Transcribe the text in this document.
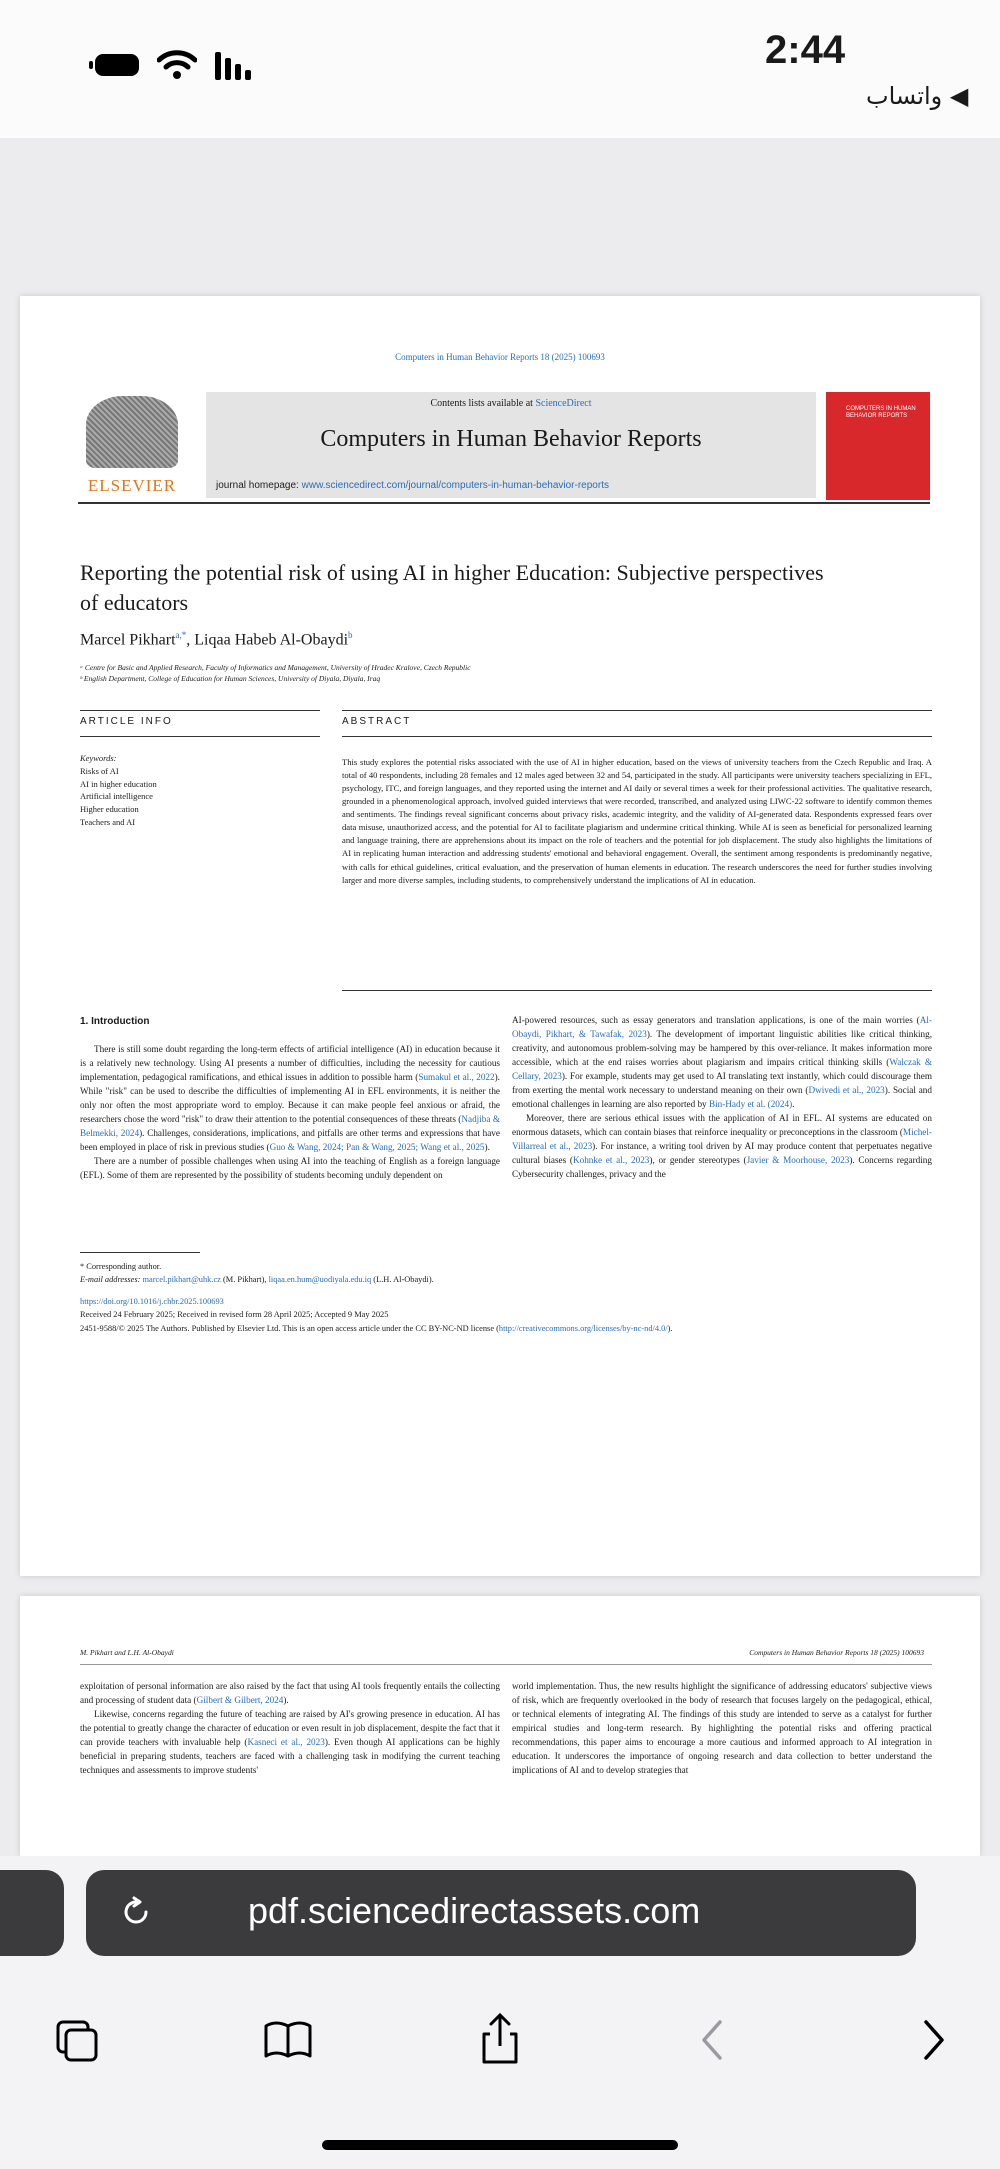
2:44
◀ واتساب
Computers in Human Behavior Reports 18 (2025) 100693
ELSEVIER
Contents lists available at ScienceDirect
Computers in Human Behavior Reports
journal homepage: www.sciencedirect.com/journal/computers-in-human-behavior-reports
COMPUTERS IN HUMAN BEHAVIOR REPORTS
Reporting the potential risk of using AI in higher Education: Subjective perspectives of educators
Marcel Pikhart$^{a,*}$, Liqaa Habeb Al-Obaydi$^b$
ᵃ Centre for Basic and Applied Research, Faculty of Informatics and Management, University of Hradec Kralove, Czech Republic
ᵇ English Department, College of Education for Human Sciences, University of Diyala, Diyala, Iraq
ARTICLE INFO	ABSTRACT
Keywords:
Risks of AI
AI in higher education
Artificial intelligence
Higher education
Teachers and AI
This study explores the potential risks associated with the use of AI in higher education, based on the views of university teachers from the Czech Republic and Iraq. A total of 40 respondents, including 28 females and 12 males aged between 32 and 54, participated in the study. All participants were university teachers specializing in EFL, psychology, ITC, and foreign languages, and they reported using the internet and AI daily or several times a week for their professional activities. The qualitative research, grounded in a phenomenological approach, involved guided interviews that were recorded, transcribed, and analyzed using LIWC-22 software to identify common themes and sentiments. The findings reveal significant concerns about privacy risks, academic integrity, and the validity of AI-generated data. Respondents expressed fears over data misuse, unauthorized access, and the potential for AI to facilitate plagiarism and undermine critical thinking. While AI is seen as beneficial for personalized learning and language training, there are apprehensions about its impact on the role of teachers and the potential for job displacement. The study also highlights the limitations of AI in replicating human interaction and addressing students' emotional and behavioral engagement. Overall, the sentiment among respondents is predominantly negative, with calls for ethical guidelines, critical evaluation, and the preservation of human elements in education. The research underscores the need for further studies involving larger and more diverse samples, including students, to comprehensively understand the implications of AI in education.
1. Introduction

There is still some doubt regarding the long-term effects of artificial intelligence (AI) in education because it is a relatively new technology. Using AI presents a number of difficulties, including the necessity for cautious implementation, pedagogical ramifications, and ethical issues in addition to possible harm (Sumakul et al., 2022). While "risk" can be used to describe the difficulties of implementing AI in EFL environments, it is neither the only nor often the most appropriate word to employ. Because it can make people feel anxious or afraid, the researchers chose the word "risk" to draw their attention to the potential consequences of these threats (Nadjiba & Belmekki, 2024). Challenges, considerations, implications, and pitfalls are other terms and expressions that have been employed in place of risk in previous studies (Guo & Wang, 2024; Pan & Wang, 2025; Wang et al., 2025).

There are a number of possible challenges when using AI into the teaching of English as a foreign language (EFL). Some of them are represented by the possibility of students becoming unduly dependent on

AI-powered resources, such as essay generators and translation applications, is one of the main worries (Al-Obaydi, Pikhart, & Tawafak, 2023). The development of important linguistic abilities like critical thinking, creativity, and autonomous problem-solving may be hampered by this over-reliance. It makes information more accessible, which at the end raises worries about plagiarism and impairs critical thinking skills (Walczak & Cellary, 2023). For example, students may get used to AI translating text instantly, which could discourage them from exerting the mental work necessary to understand meaning on their own (Dwivedi et al., 2023). Social and emotional challenges in learning are also reported by Bin-Hady et al. (2024).

Moreover, there are serious ethical issues with the application of AI in EFL. AI systems are educated on enormous datasets, which can contain biases that reinforce inequality or preconceptions in the classroom (Michel-Villarreal et al., 2023). For instance, a writing tool driven by AI may produce content that perpetuates negative cultural biases (Kohnke et al., 2023), or gender stereotypes (Javier & Moorhouse, 2023). Concerns regarding Cybersecurity challenges, privacy and the

* Corresponding author.
E-mail addresses: marcel.pikhart@uhk.cz (M. Pikhart), liqaa.en.hum@uodiyala.edu.iq (L.H. Al-Obaydi).
https://doi.org/10.1016/j.chbr.2025.100693
Received 24 February 2025; Received in revised form 28 April 2025; Accepted 9 May 2025
2451-9588/© 2025 The Authors. Published by Elsevier Ltd. This is an open access article under the CC BY-NC-ND license (http://creativecommons.org/licenses/by-nc-nd/4.0/).
M. Pikhart and L.H. Al-Obaydi	Computers in Human Behavior Reports 18 (2025) 100693

exploitation of personal information are also raised by the fact that using AI tools frequently entails the collecting and processing of student data (Gilbert & Gilbert, 2024).

Likewise, concerns regarding the future of teaching are raised by AI's growing presence in education. AI has the potential to greatly change the character of education or even result in job displacement, despite the fact that it can provide teachers with invaluable help (Kasneci et al., 2023). Even though AI applications can be highly beneficial in preparing students, teachers are faced with a challenging task in modifying the current teaching techniques and assessments to improve students'

world implementation. Thus, the new results highlight the significance of addressing educators' subjective views of risk, which are frequently overlooked in the body of research that focuses largely on the pedagogical, ethical, or technical elements of integrating AI. The findings of this study are intended to serve as a catalyst for further empirical studies and long-term research. By highlighting the potential risks and offering practical recommendations, this paper aims to encourage a more cautious and informed approach to AI integration in education. It underscores the importance of ongoing research and data collection to better understand the implications of AI and to develop strategies that

pdf.sciencedirectassets.com
